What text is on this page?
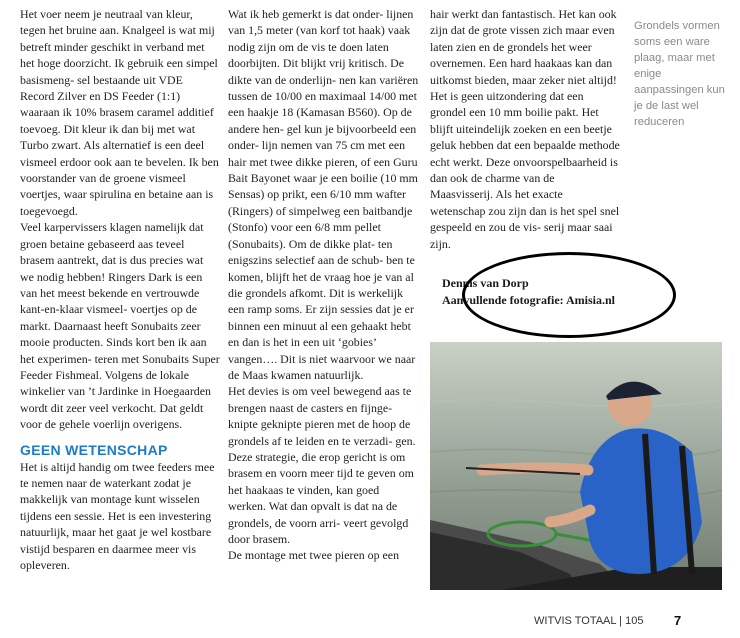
Het voer neem je neutraal van kleur, tegen het bruine aan. Knalgeel is wat mij betreft minder geschikt in verband met het hoge doorzicht. Ik gebruik een simpel basismeng- sel bestaande uit VDE Record Zilver en DS Feeder (1:1) waaraan ik 10% brasem caramel additief toevoeg. Dit kleur ik dan bij met wat Turbo zwart. Als alternatief is een deel vismeel erdoor ook aan te bevelen. Ik ben voorstander van de groene vismeel voertjes, waar spirulina en betaine aan is toegevoegd.

Veel karpervissers klagen namelijk dat groen betaine gebaseerd aas teveel brasem aantrekt, dat is dus precies wat we nodig hebben! Ringers Dark is een van het meest bekende en vertrouwde kant-en-klaar vismeel- voertjes op de markt. Daarnaast heeft Sonubaits zeer mooie producten. Sinds kort ben ik aan het experimen- teren met Sonubaits Super Feeder Fishmeal. Volgens de lokale winkelier van ’t Jardinke in Hoegaarden wordt dit zeer veel verkocht. Dat geldt voor de gehele voerlijn overigens.

GEEN WETENSCHAP

Het is altijd handig om twee feeders mee te nemen naar de waterkant zodat je makkelijk van montage kunt wisselen tijdens een sessie. Het is een investering natuurlijk, maar het gaat je wel kostbare vistijd besparen en daarmee meer vis opleveren.

Wat ik heb gemerkt is dat onder- lijnen van 1,5 meter (van korf tot haak) vaak nodig zijn om de vis te doen laten doorbijten. Dit blijkt vrij kritisch. De dikte van de onderlijn- nen kan variëren tussen de 10/00 en maximaal 14/00 met een haakje 18 (Kamasan B560). Op de andere hen- gel kun je bijvoorbeeld een onder- lijn nemen van 75 cm met een hair met twee dikke pieren, of een Guru Bait Bayonet waar je een boilie (10 mm Sensas) op prikt, een 6/10 mm wafter (Ringers) of simpelweg een baitbandje (Stonfo) voor een 6/8 mm pellet (Sonubaits). Om de dikke plat- ten enigszins selectief aan de schub- ben te komen, blijft het de vraag hoe je van al die grondels afkomt. Dit is werkelijk een ramp soms. Er zijn sessies dat je er binnen een minuut al een gehaakt hebt en dan is het in een uit ‘gobies’ vangen…. Dit is niet waarvoor we naar de Maas kwamen natuurlijk.

Het devies is om veel bewegend aas te brengen naast de casters en fijnge- knipte gekniptе pieren met de hoop de grondels af te leiden en te verzadi- gen. Deze strategie, die erop gericht is om brasem en voorn meer tijd te geven om het haakaas te vinden, kan goed werken. Wat dan opvalt is dat na de grondels, de voorn arri- veert gevolgd door brasem.

De montage met twee pieren op een

hair werkt dan fantastisch. Het kan ook zijn dat de grote vissen zich maar even laten zien en de grondels het weer overnemen. Een hard haakaas kan dan uitkomst bieden, maar zeker niet altijd! Het is geen uitzondering dat een grondel een 10 mm boilie pakt. Het blijft uiteindelijk zoeken en een beetje geluk hebben dat een bepaalde methode echt werkt. Deze onvoorspelbaarheid is dan ook de charme van de Maasvisserij. Als het exacte wetenschap zou zijn dan is het spel snel gespeeld en zou de vis- serij maar saai zijn.

Grondels vormen soms een ware plaag, maar met enige aanpassingen kun je de last wel reduceren
Dennis van Dorp
Aanvullende fotografie: Amisia.nl
WITVIS TOTAAL | 105 7
